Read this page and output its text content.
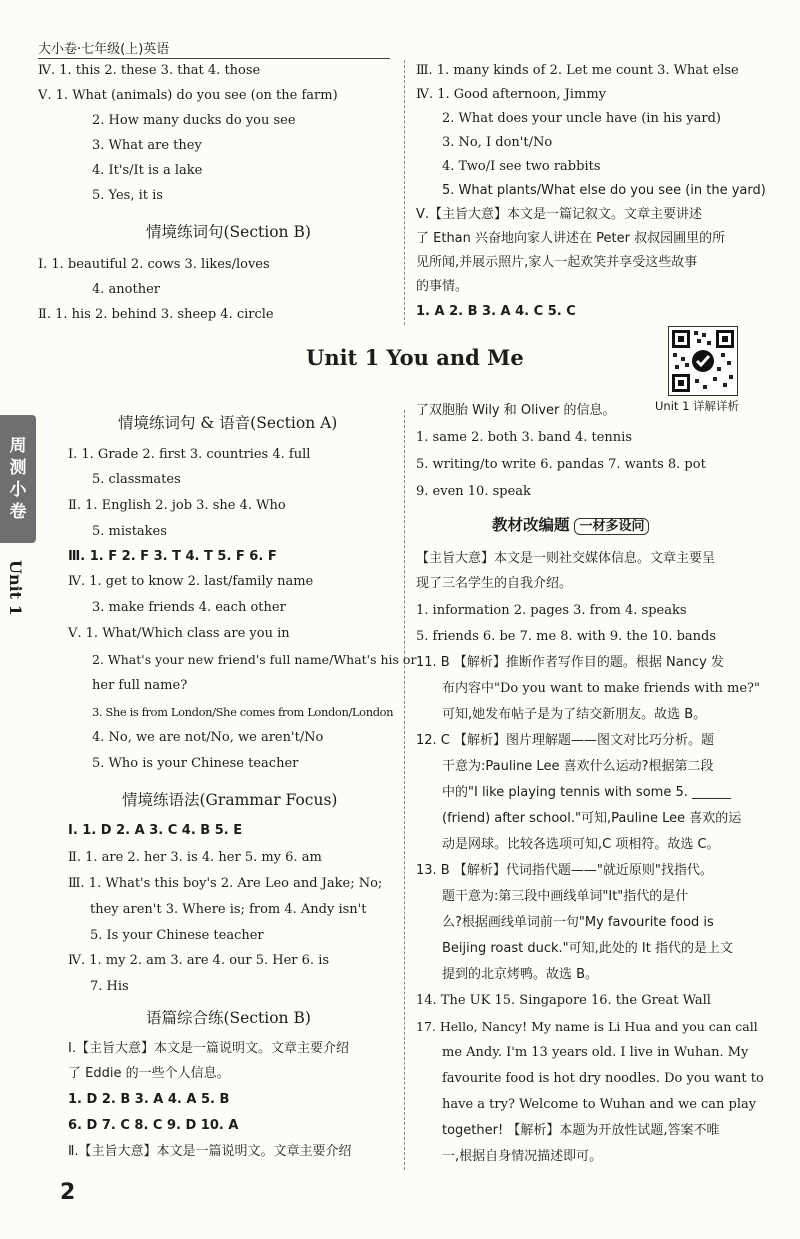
大小卷·七年级(上)英语
Ⅳ. 1. this 2. these 3. that 4. those
Ⅴ. 1. What (animals) do you see (on the farm)
2. How many ducks do you see
3. What are they
4. It's/It is a lake
5. Yes, it is
情境练词句(Section B)
Ⅰ. 1. beautiful 2. cows 3. likes/loves
4. another
Ⅱ. 1. his 2. behind 3. sheep 4. circle
Ⅲ. 1. many kinds of 2. Let me count 3. What else
Ⅳ. 1. Good afternoon, Jimmy
2. What does your uncle have (in his yard)
3. No, I don't/No
4. Two/I see two rabbits
5. What plants/What else do you see (in the yard)
Ⅴ.【主旨大意】本文是一篇记叙文。文章主要讲述
了 Ethan 兴奋地向家人讲述在 Peter 叔叔园圃里的所
见所闻,并展示照片,家人一起欢笑并享受这些故事
的事情。
1. A 2. B 3. A 4. C 5. C
Unit 1 You and Me
Unit 1 详解详析
周
测
小
卷
Unit 1
情境练词句 & 语音(Section A)
Ⅰ. 1. Grade 2. first 3. countries 4. full
5. classmates
Ⅱ. 1. English 2. job 3. she 4. Who
5. mistakes
Ⅲ. 1. F 2. F 3. T 4. T 5. F 6. F
Ⅳ. 1. get to know 2. last/family name
3. make friends 4. each other
Ⅴ. 1. What/Which class are you in
2. What's your new friend's full name/What's his or
her full name?
3. She is from London/She comes from London/London
4. No, we are not/No, we aren't/No
5. Who is your Chinese teacher
情境练语法(Grammar Focus)
Ⅰ. 1. D 2. A 3. C 4. B 5. E
Ⅱ. 1. are 2. her 3. is 4. her 5. my 6. am
Ⅲ. 1. What's this boy's 2. Are Leo and Jake; No;
they aren't 3. Where is; from 4. Andy isn't
5. Is your Chinese teacher
Ⅳ. 1. my 2. am 3. are 4. our 5. Her 6. is
7. His
语篇综合练(Section B)
Ⅰ.【主旨大意】本文是一篇说明文。文章主要介绍
了 Eddie 的一些个人信息。
1. D 2. B 3. A 4. A 5. B
6. D 7. C 8. C 9. D 10. A
Ⅱ.【主旨大意】本文是一篇说明文。文章主要介绍
了双胞胎 Wily 和 Oliver 的信息。
1. same 2. both 3. band 4. tennis
5. writing/to write 6. pandas 7. wants 8. pot
9. even 10. speak
教材改编题 一材多设问
【主旨大意】本文是一则社交媒体信息。文章主要呈
现了三名学生的自我介绍。
1. information 2. pages 3. from 4. speaks
5. friends 6. be 7. me 8. with 9. the 10. bands
11. B 【解析】推断作者写作目的题。根据 Nancy 发
布内容中"Do you want to make friends with me?"
可知,她发布帖子是为了结交新朋友。故选 B。
12. C 【解析】图片理解题——图文对比巧分析。题
干意为:Pauline Lee 喜欢什么运动?根据第二段
中的"I like playing tennis with some 5. ______
(friend) after school."可知,Pauline Lee 喜欢的运
动是网球。比较各选项可知,C 项相符。故选 C。
13. B 【解析】代词指代题——"就近原则"找指代。
题干意为:第三段中画线单词"It"指代的是什
么?根据画线单词前一句"My favourite food is
Beijing roast duck."可知,此处的 It 指代的是上文
提到的北京烤鸭。故选 B。
14. The UK 15. Singapore 16. the Great Wall
17. Hello, Nancy! My name is Li Hua and you can call
me Andy. I'm 13 years old. I live in Wuhan. My
favourite food is hot dry noodles. Do you want to
have a try? Welcome to Wuhan and we can play
together! 【解析】本题为开放性试题,答案不唯
一,根据自身情况描述即可。
2
